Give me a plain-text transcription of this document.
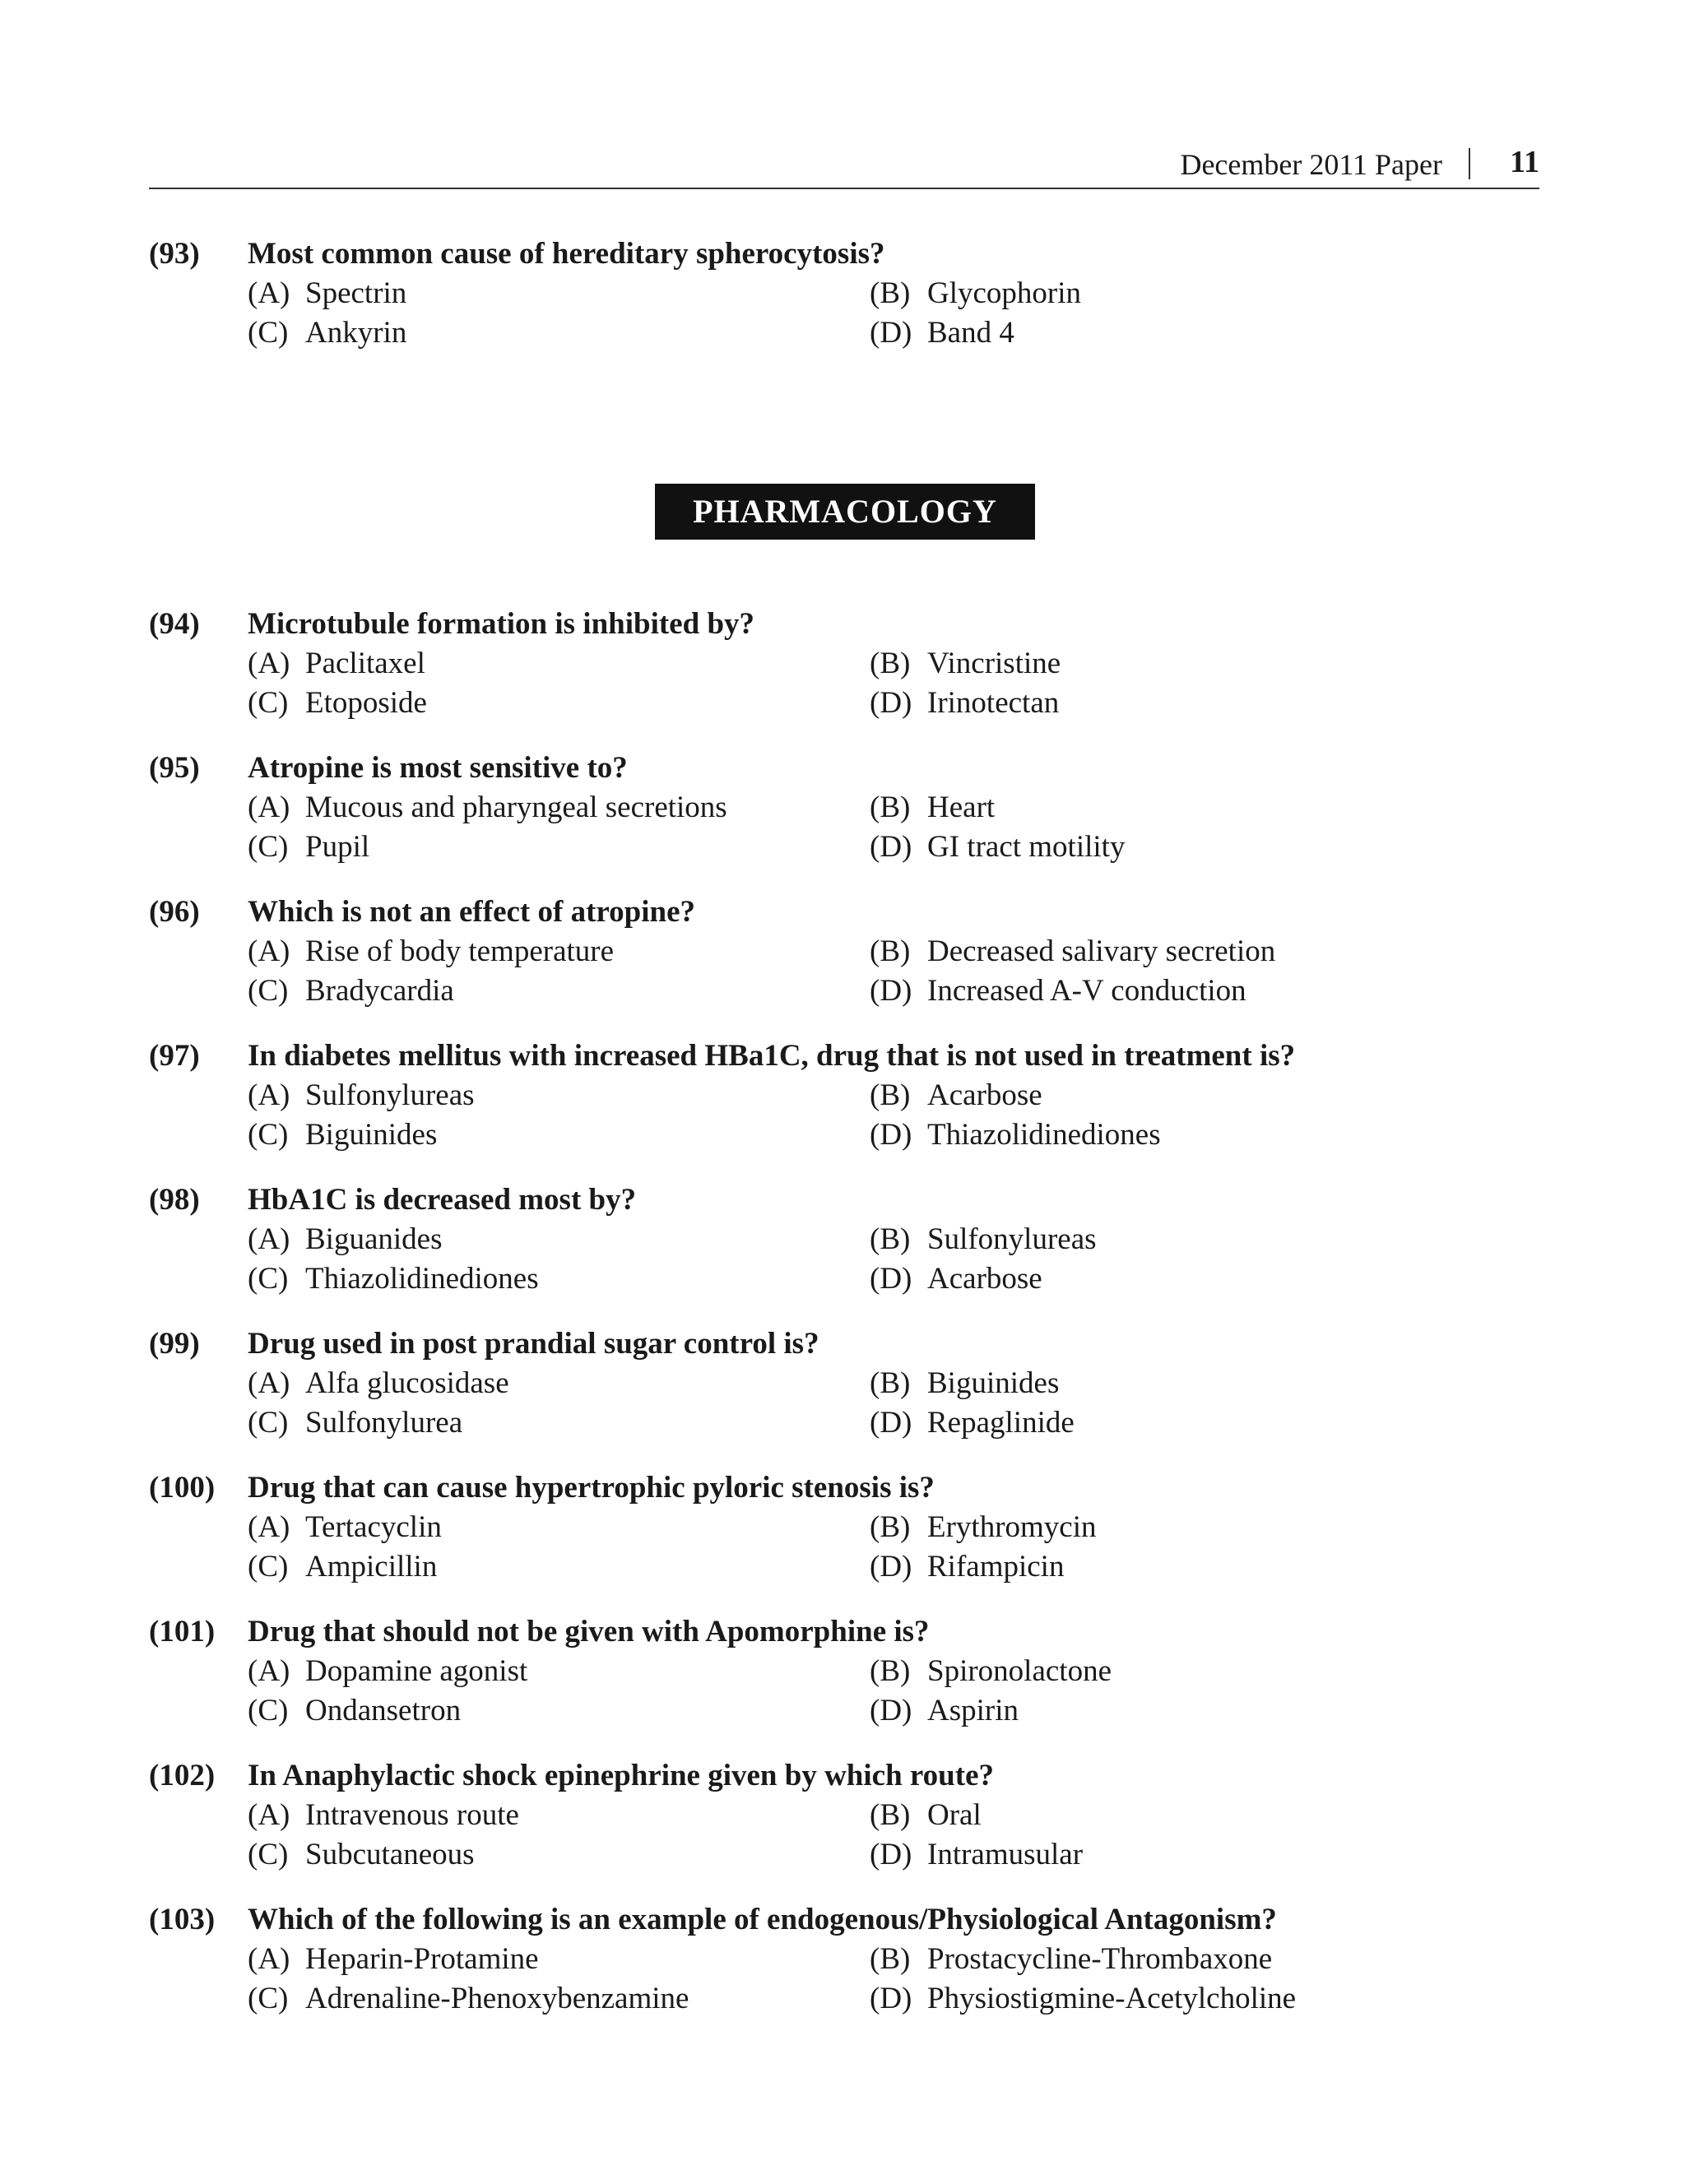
December 2011 Paper 11
(93) Most common cause of hereditary spherocytosis?
(A) Spectrin	(B) Glycophorin
(C) Ankyrin	(D) Band 4
PHARMACOLOGY
(94) Microtubule formation is inhibited by?
(A) Paclitaxel	(B) Vincristine
(C) Etoposide	(D) Irinotectan
(95) Atropine is most sensitive to?
(A) Mucous and pharyngeal secretions	(B) Heart
(C) Pupil	(D) GI tract motility
(96) Which is not an effect of atropine?
(A) Rise of body temperature	(B) Decreased salivary secretion
(C) Bradycardia	(D) Increased A-V conduction
(97) In diabetes mellitus with increased HBa1C, drug that is not used in treatment is?
(A) Sulfonylureas	(B) Acarbose
(C) Biguinides	(D) Thiazolidinediones
(98) HbA1C is decreased most by?
(A) Biguanides	(B) Sulfonylureas
(C) Thiazolidinediones	(D) Acarbose
(99) Drug used in post prandial sugar control is?
(A) Alfa glucosidase	(B) Biguinides
(C) Sulfonylurea	(D) Repaglinide
(100) Drug that can cause hypertrophic pyloric stenosis is?
(A) Tertacyclin	(B) Erythromycin
(C) Ampicillin	(D) Rifampicin
(101) Drug that should not be given with Apomorphine is?
(A) Dopamine agonist	(B) Spironolactone
(C) Ondansetron	(D) Aspirin
(102) In Anaphylactic shock epinephrine given by which route?
(A) Intravenous route	(B) Oral
(C) Subcutaneous	(D) Intramusular
(103) Which of the following is an example of endogenous/Physiological Antagonism?
(A) Heparin-Protamine	(B) Prostacycline-Thrombaxone
(C) Adrenaline-Phenoxybenzamine	(D) Physiostigmine-Acetylcholine
